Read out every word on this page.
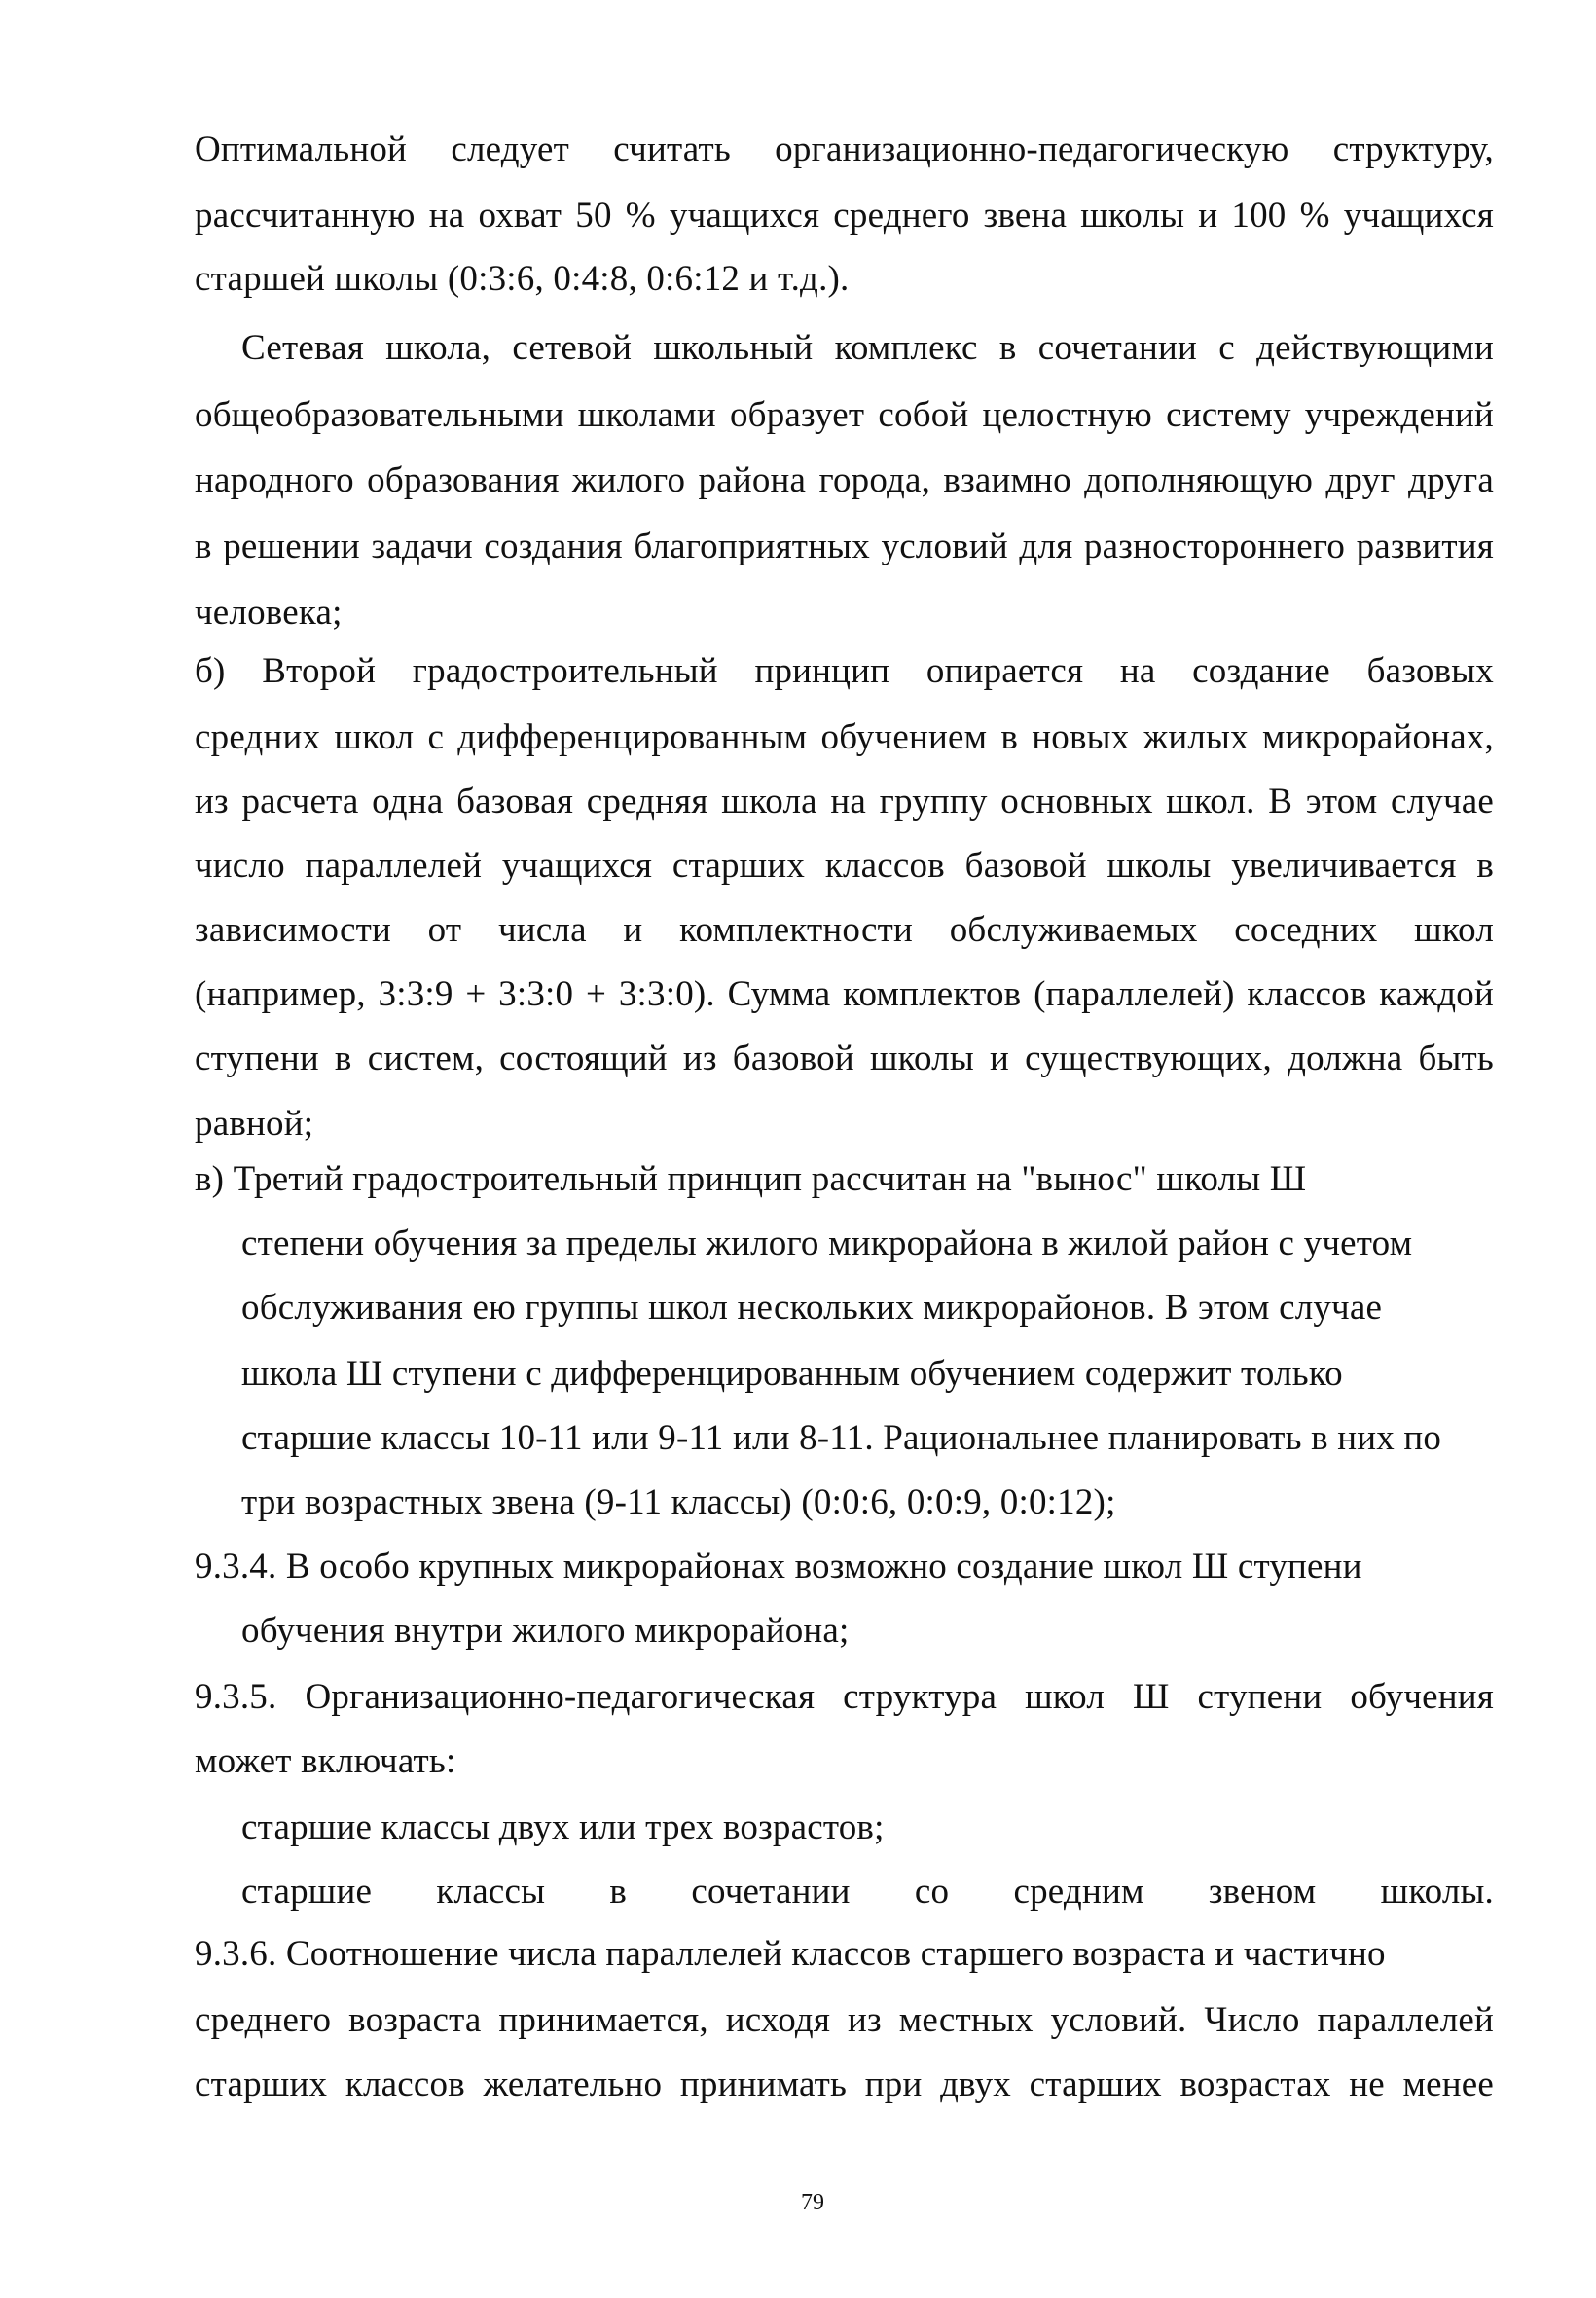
Оптимальной следует считать организационно-педагогическую структуру,
рассчитанную на охват 50 % учащихся среднего звена школы и 100 % учащихся
старшей школы (0:3:6, 0:4:8, 0:6:12 и т.д.).
Сетевая школа, сетевой школьный комплекс в сочетании с действующими
общеобразовательными школами образует собой целостную систему учреждений
народного образования жилого района города, взаимно дополняющую друг друга
в решении задачи создания благоприятных условий для разностороннего развития
человека;
б) Второй градостроительный принцип опирается на создание базовых
средних школ с дифференцированным обучением в новых жилых микрорайонах,
из расчета одна базовая средняя школа на группу основных школ. В этом случае
число параллелей учащихся старших классов базовой школы увеличивается в
зависимости от числа и комплектности обслуживаемых соседних школ
(например, 3:3:9 + 3:3:0 + 3:3:0). Сумма комплектов (параллелей) классов каждой
ступени в систем, состоящий из базовой школы и существующих, должна быть
равной;
в) Третий градостроительный принцип рассчитан на "вынос" школы Ш
степени обучения за пределы жилого микрорайона в жилой район с учетом
обслуживания ею группы школ нескольких микрорайонов. В этом случае
школа Ш ступени с дифференцированным обучением содержит только
старшие классы 10-11 или 9-11 или 8-11. Рациональнее планировать в них по
три возрастных звена (9-11 классы) (0:0:6, 0:0:9, 0:0:12);
9.3.4. В особо крупных микрорайонах возможно создание школ Ш ступени
обучения внутри жилого микрорайона;
9.3.5. Организационно-педагогическая структура школ Ш ступени обучения
может включать:
старшие классы двух или трех возрастов;
старшие классы в сочетании со средним звеном школы.
9.3.6. Соотношение числа параллелей классов старшего возраста и частично
среднего возраста принимается, исходя из местных условий. Число параллелей
старших классов желательно принимать при двух старших возрастах не менее
79
